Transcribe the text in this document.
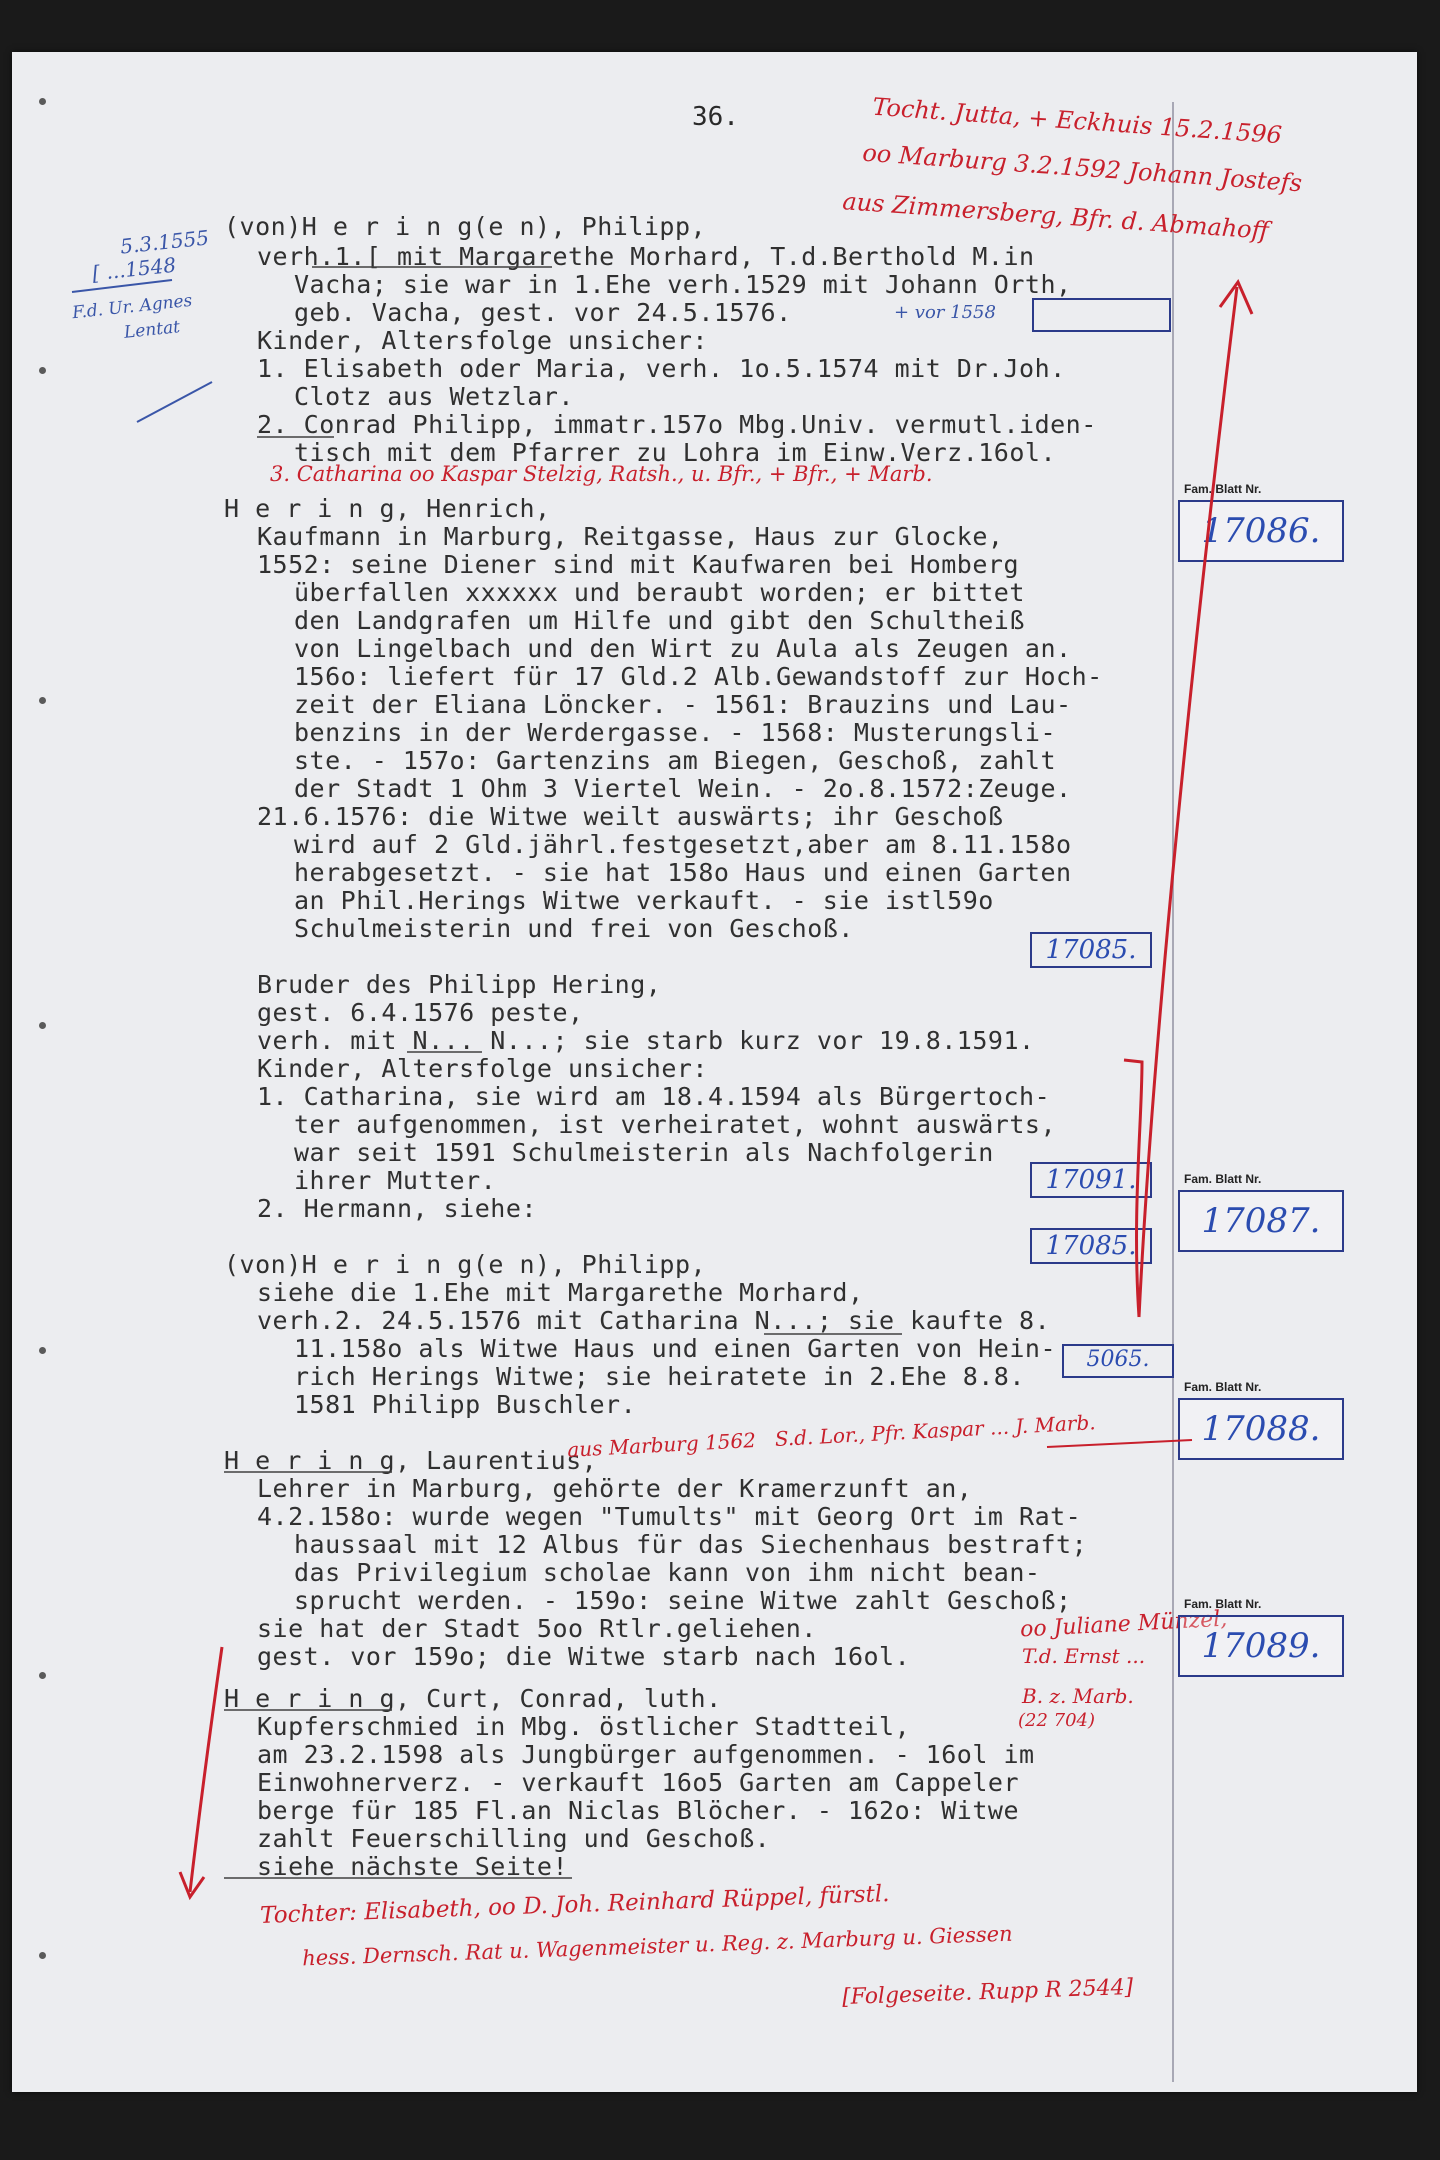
36.	Tocht. Jutta, + Eckhuis 15.2.1596
oo Marburg 3.2.1592 Johann Jostefs
aus Zimmersberg, Bfr. d. Abmahoff
5.3.1555
[ ...1548
F.d. Ur. Agnes
Lentat
(von)H e r i n g(e n), Philipp,
verh.1.[ mit Margarethe Morhard, T.d.Berthold M.in
Vacha; sie war in 1.Ehe verh.1529 mit Johann Orth,
geb. Vacha, gest. vor 24.5.1576.
Kinder, Altersfolge unsicher:
1. Elisabeth oder Maria, verh. 1o.5.1574 mit Dr.Joh.
Clotz aus Wetzlar.
2. Conrad Philipp, immatr.157o Mbg.Univ. vermutl.iden-
tisch mit dem Pfarrer zu Lohra im Einw.Verz.16ol.
H e r i n g, Henrich,
Kaufmann in Marburg, Reitgasse, Haus zur Glocke,
1552: seine Diener sind mit Kaufwaren bei Homberg
überfallen xxxxxx und beraubt worden; er bittet
den Landgrafen um Hilfe und gibt den Schultheiß
von Lingelbach und den Wirt zu Aula als Zeugen an.
156o: liefert für 17 Gld.2 Alb.Gewandstoff zur Hoch-
zeit der Eliana Löncker. - 1561: Brauzins und Lau-
benzins in der Werdergasse. - 1568: Musterungsli-
ste. - 157o: Gartenzins am Biegen, Geschoß, zahlt
der Stadt 1 Ohm 3 Viertel Wein. - 2o.8.1572:Zeuge.
21.6.1576: die Witwe weilt auswärts; ihr Geschoß
wird auf 2 Gld.jährl.festgesetzt,aber am 8.11.158o
herabgesetzt. - sie hat 158o Haus und einen Garten
an Phil.Herings Witwe verkauft. - sie istl59o
Schulmeisterin und frei von Geschoß.
Bruder des Philipp Hering,
gest. 6.4.1576 peste,
verh. mit N... N...; sie starb kurz vor 19.8.1591.
Kinder, Altersfolge unsicher:
1. Catharina, sie wird am 18.4.1594 als Bürgertoch-
ter aufgenommen, ist verheiratet, wohnt auswärts,
war seit 1591 Schulmeisterin als Nachfolgerin
ihrer Mutter.
2. Hermann, siehe:
(von)H e r i n g(e n), Philipp,
siehe die 1.Ehe mit Margarethe Morhard,
verh.2. 24.5.1576 mit Catharina N...; sie kaufte 8.
11.158o als Witwe Haus und einen Garten von Hein-
rich Herings Witwe; sie heiratete in 2.Ehe 8.8.
1581 Philipp Buschler.
H e r i n g, Laurentius,
Lehrer in Marburg, gehörte der Kramerzunft an,
4.2.158o: wurde wegen "Tumults" mit Georg Ort im Rat-
haussaal mit 12 Albus für das Siechenhaus bestraft;
das Privilegium scholae kann von ihm nicht bean-
sprucht werden. - 159o: seine Witwe zahlt Geschoß;
sie hat der Stadt 5oo Rtlr.geliehen.
gest. vor 159o; die Witwe starb nach 16ol.
H e r i n g, Curt, Conrad, luth.
Kupferschmied in Mbg. östlicher Stadtteil,
am 23.2.1598 als Jungbürger aufgenommen. - 16ol im
Einwohnerverz. - verkauft 16o5 Garten am Cappeler
berge für 185 Fl.an Niclas Blöcher. - 162o: Witwe
zahlt Feuerschilling und Geschoß.
siehe nächste Seite!
+ vor 1558
3. Catharina oo Kaspar Stelzig, Ratsh., u. Bfr., + Bfr., + Marb.
aus Marburg 1562   S.d. Lor., Pfr. Kaspar ... J. Marb.
oo Juliane Münzel,
T.d. Ernst ...
B. z. Marb.
(22 704)
Tochter: Elisabeth, oo D. Joh. Reinhard Rüppel, fürstl.
hess. Dernsch. Rat u. Wagenmeister u. Reg. z. Marburg u. Giessen
[Folgeseite. Rupp R 2544]
Fam. Blatt Nr.
17086.
Fam. Blatt Nr.
17087.
Fam. Blatt Nr.
17088.
Fam. Blatt Nr.
17089.
17085.
17091.
17085.
5065.
